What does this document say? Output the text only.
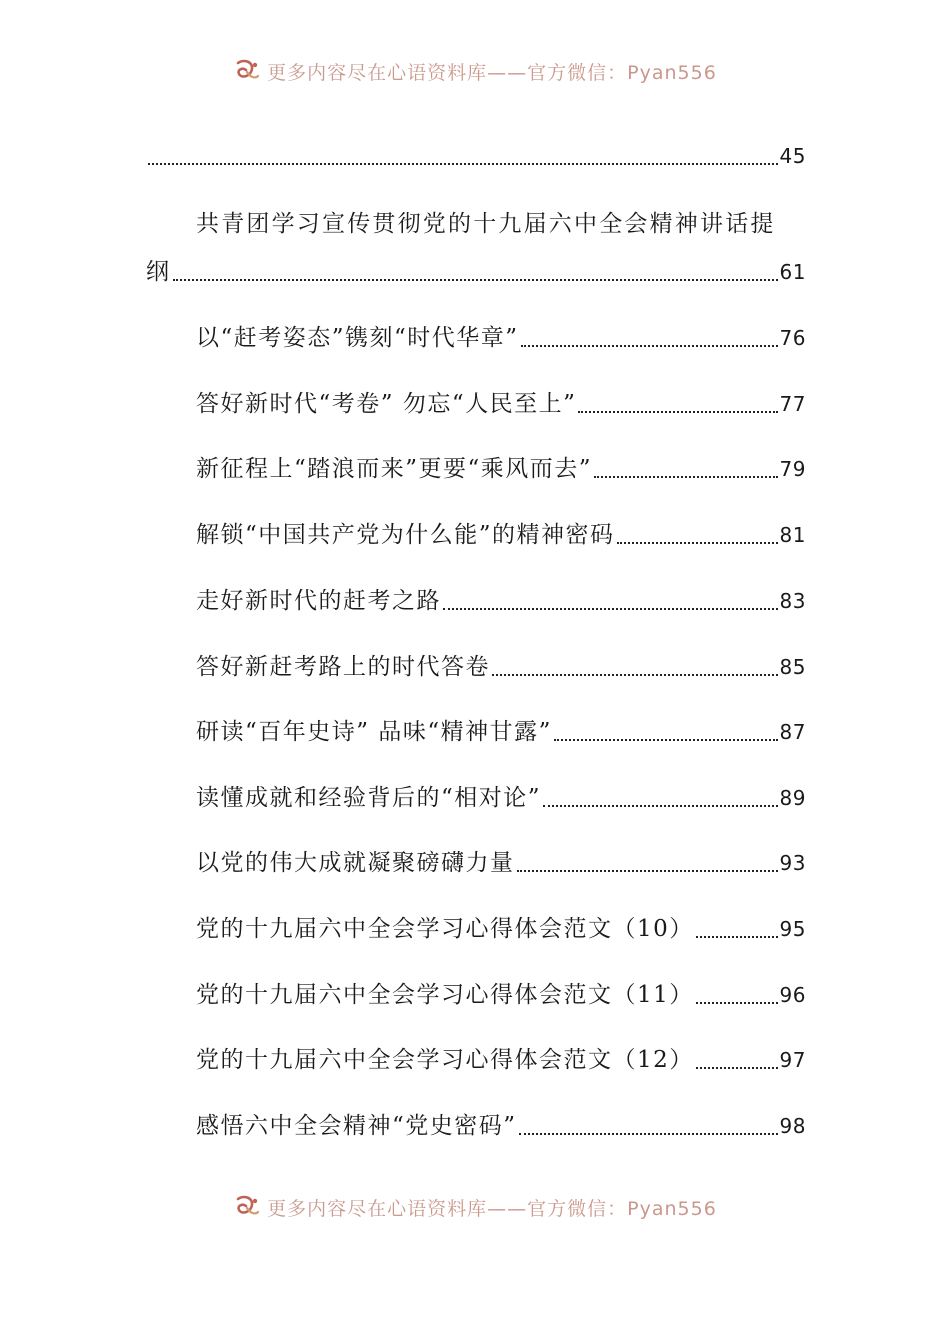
更多内容尽在心语资料库——官方微信：Pyan556
45
共青团学习宣传贯彻党的十九届六中全会精神讲话提
纲	61
以“赶考姿态”镌刻“时代华章”	76
答好新时代“考卷” 勿忘“人民至上”	77
新征程上“踏浪而来”更要“乘风而去”	79
解锁“中国共产党为什么能”的精神密码	81
走好新时代的赶考之路	83
答好新赶考路上的时代答卷	85
研读“百年史诗” 品味“精神甘露”	87
读懂成就和经验背后的“相对论”	89
以党的伟大成就凝聚磅礴力量	93
党的十九届六中全会学习心得体会范文（10）	95
党的十九届六中全会学习心得体会范文（11）	96
党的十九届六中全会学习心得体会范文（12）	97
感悟六中全会精神“党史密码”	98
更多内容尽在心语资料库——官方微信：Pyan556
